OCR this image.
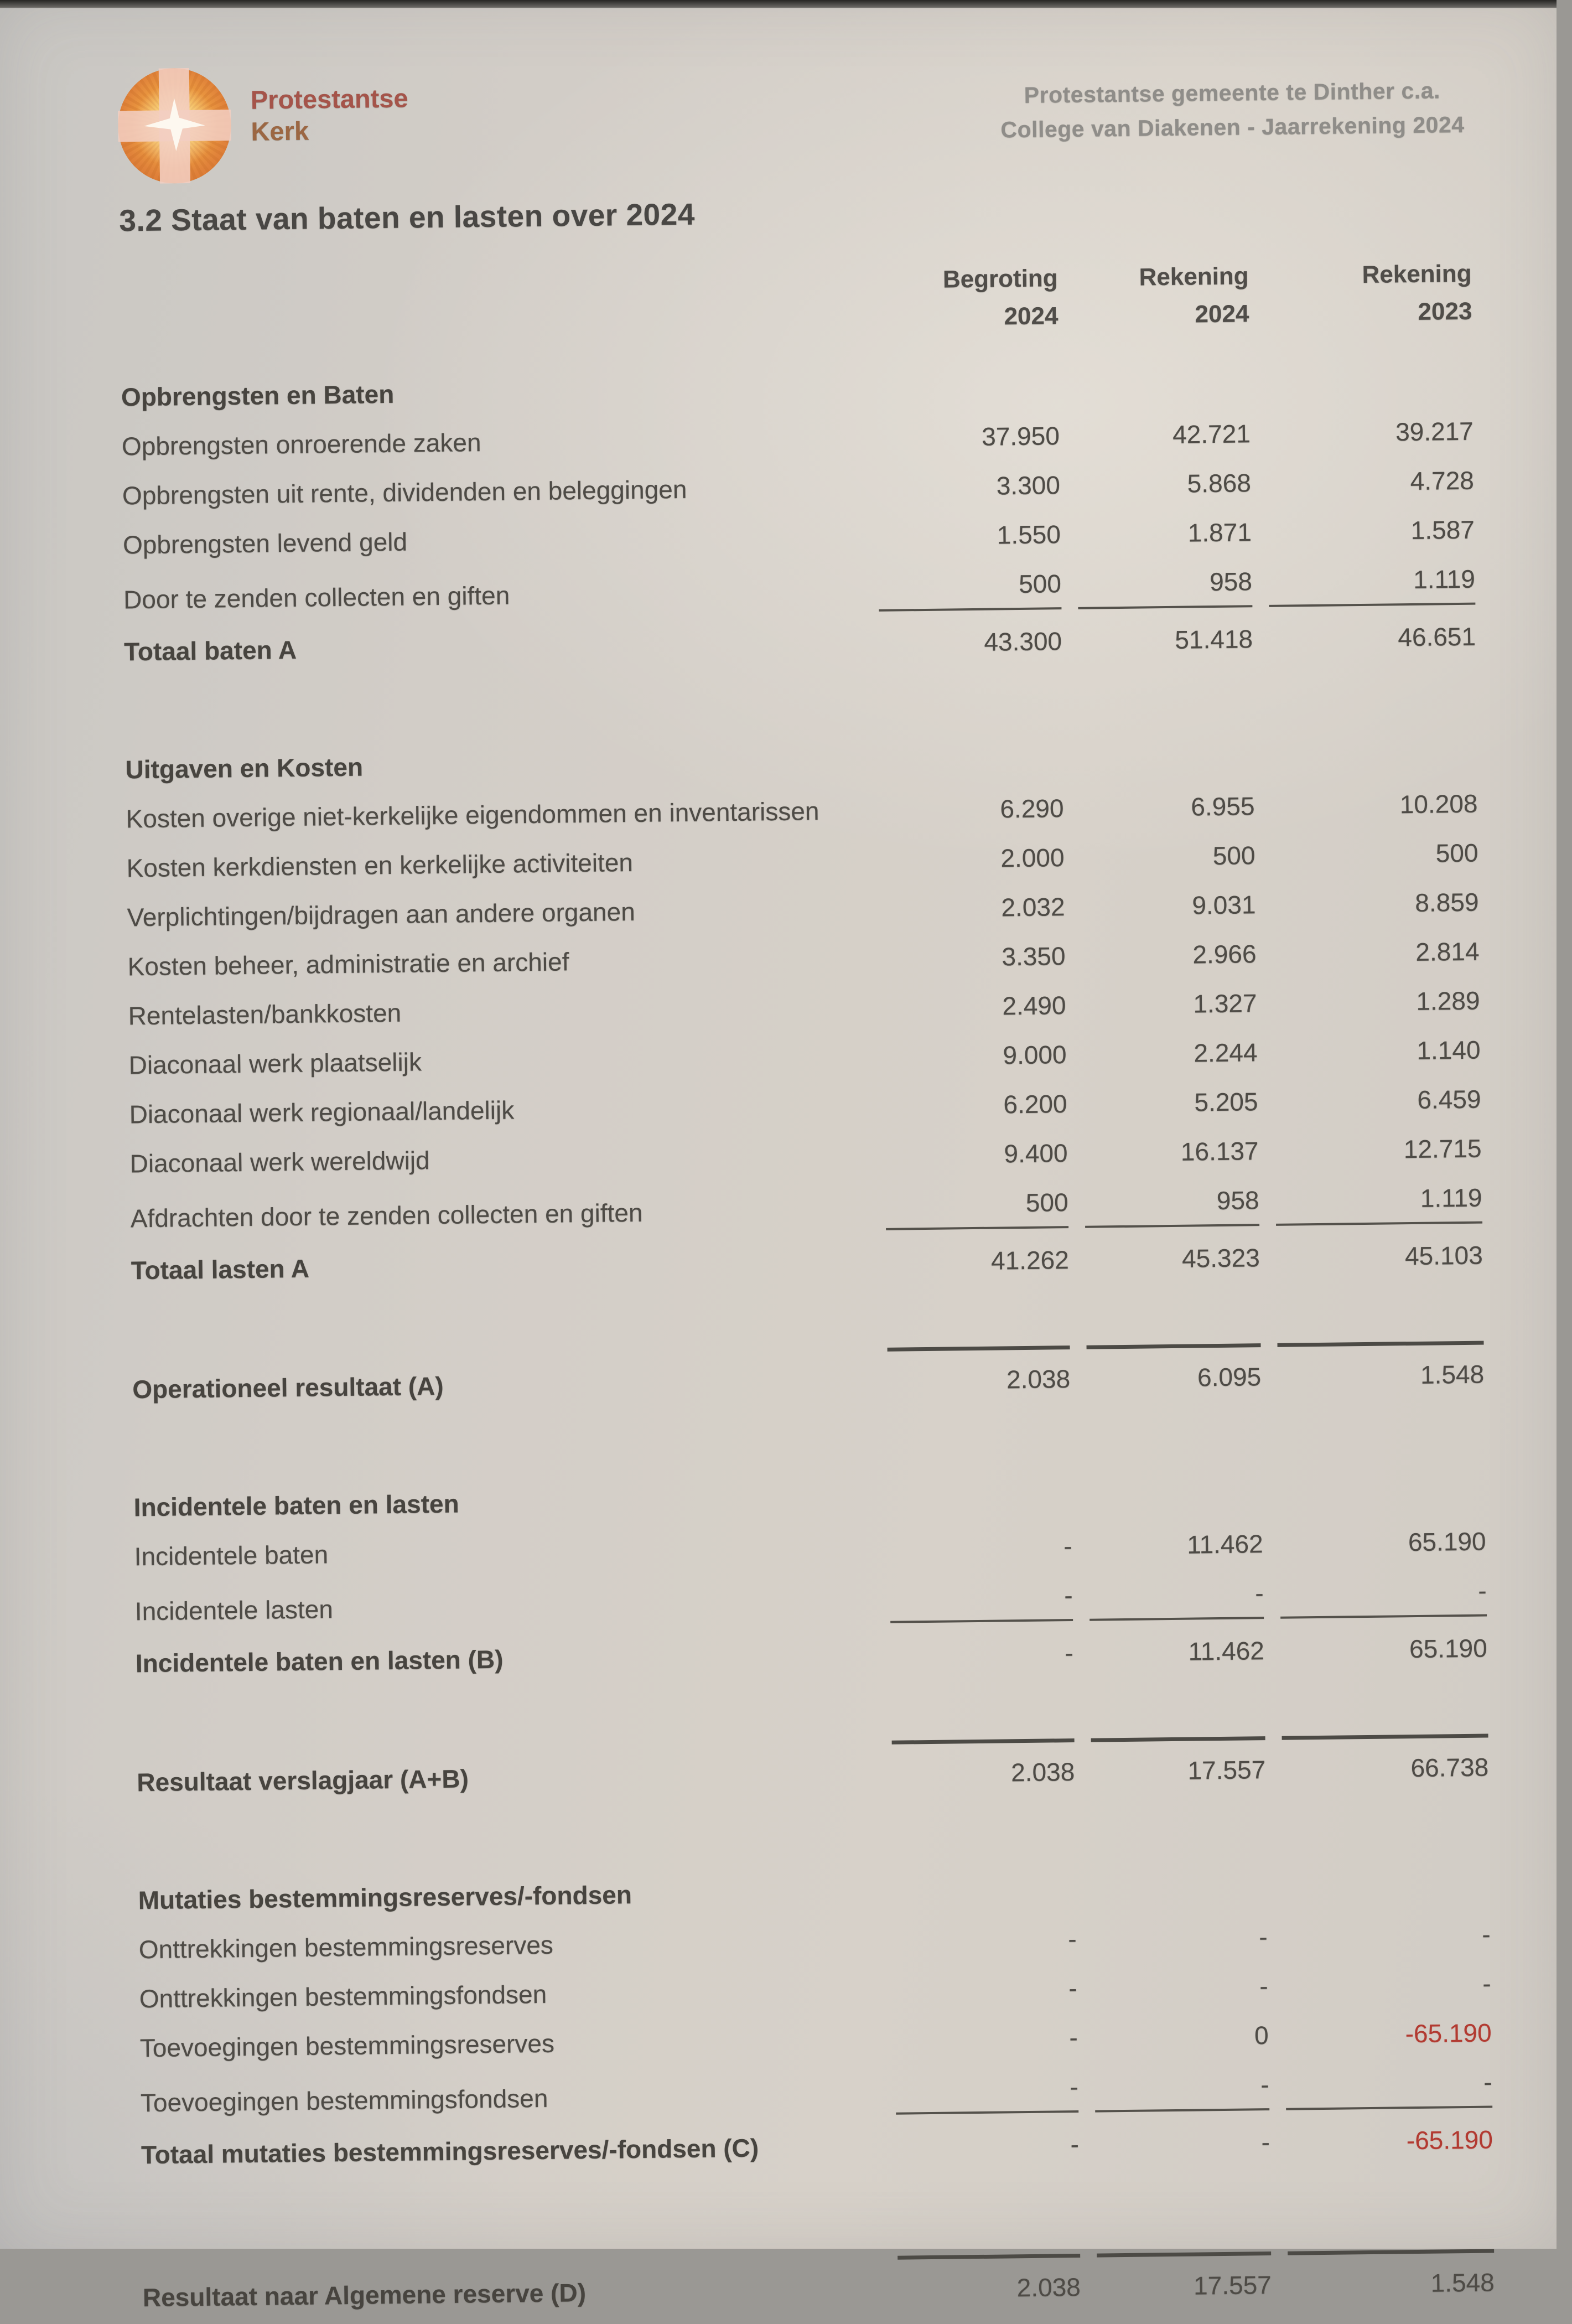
Protestantse
Kerk
Protestantse gemeente te Dinther c.a.
College van Diakenen - Jaarrekening 2024
3.2 Staat van baten en lasten over 2024
Begroting
2024
Rekening
2024
Rekening
2023
Opbrengsten en Baten
Opbrengsten onroerende zaken	37.950	42.721	39.217
Opbrengsten uit rente, dividenden en beleggingen	3.300	5.868	4.728
Opbrengsten levend geld	1.550	1.871	1.587
Door te zenden collecten en giften	500	958	1.119
Totaal baten A	43.300	51.418	46.651
Uitgaven en Kosten
Kosten overige niet-kerkelijke eigendommen en inventarissen	6.290	6.955	10.208
Kosten kerkdiensten en kerkelijke activiteiten	2.000	500	500
Verplichtingen/bijdragen aan andere organen	2.032	9.031	8.859
Kosten beheer, administratie en archief	3.350	2.966	2.814
Rentelasten/bankkosten	2.490	1.327	1.289
Diaconaal werk plaatselijk	9.000	2.244	1.140
Diaconaal werk regionaal/landelijk	6.200	5.205	6.459
Diaconaal werk wereldwijd	9.400	16.137	12.715
Afdrachten door te zenden collecten en giften	500	958	1.119
Totaal lasten A	41.262	45.323	45.103
Operationeel resultaat (A)	2.038	6.095	1.548
Incidentele baten en lasten
Incidentele baten	-	11.462	65.190
Incidentele lasten	-	-	-
Incidentele baten en lasten (B)	-	11.462	65.190
Resultaat verslagjaar (A+B)	2.038	17.557	66.738
Mutaties bestemmingsreserves/-fondsen
Onttrekkingen bestemmingsreserves	-	-	-
Onttrekkingen bestemmingsfondsen	-	-	-
Toevoegingen bestemmingsreserves	-	0	-65.190
Toevoegingen bestemmingsfondsen	-	-	-
Totaal mutaties bestemmingsreserves/-fondsen (C)	-	-	-65.190
Resultaat naar Algemene reserve (D)	2.038	17.557	1.548
